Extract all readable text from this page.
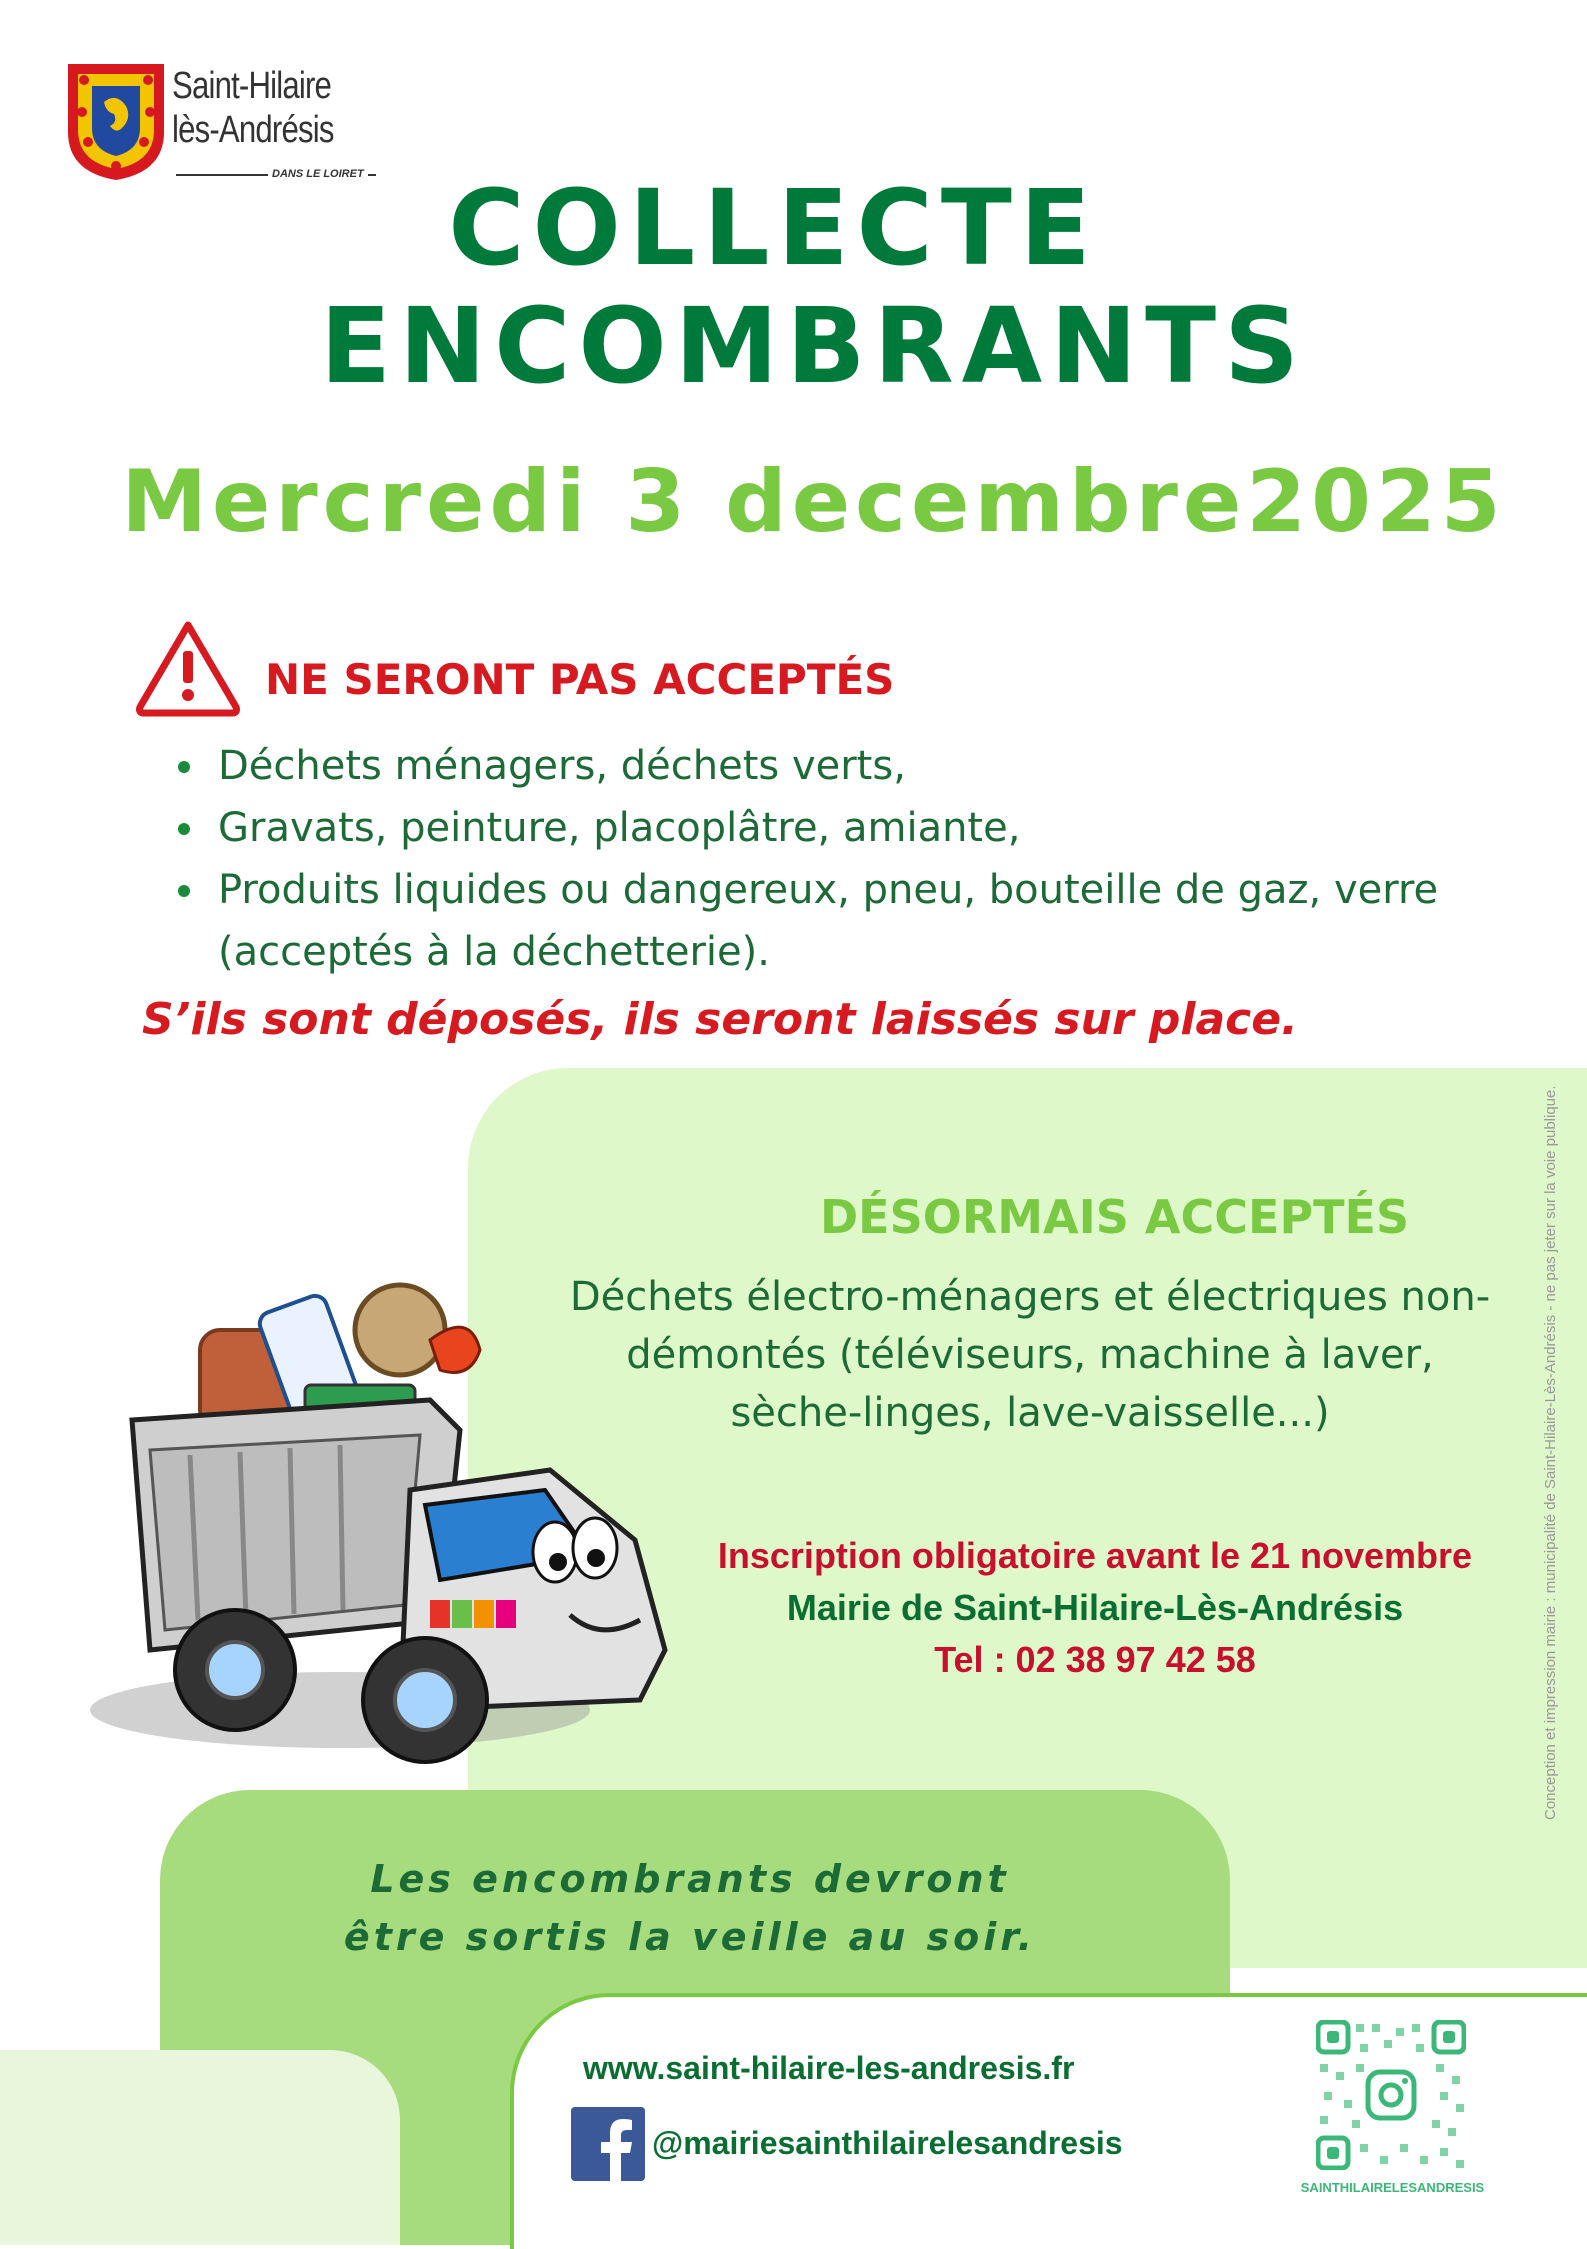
Saint-Hilaire
lès-Andrésis
DANS LE LOIRET COLLECTE
ENCOMBRANTS
Mercredi 3 decembre2025
NE SERONT PAS ACCEPTÉS
Déchets ménagers, déchets verts,
Gravats, peinture, placoplâtre, amiante,
Produits liquides ou dangereux, pneu, bouteille de gaz, verre (acceptés à la déchetterie).
S’ils sont déposés, ils seront laissés sur place.
DÉSORMAIS ACCEPTÉS
Déchets électro-ménagers et électriques non-démontés (téléviseurs, machine à laver, sèche-linges, lave-vaisselle...)
Inscription obligatoire avant le 21 novembre
Mairie de Saint-Hilaire-Lès-Andrésis
Tel : 02 38 97 42 58
Les encombrants devront
être sortis la veille au soir.
www.saint-hilaire-les-andresis.fr
@mairiesainthilairelesandresis
SAINTHILAIRELESANDRESIS
Conception et impression mairie : municipalité de Saint-Hilaire-Lès-Andrésis - ne pas jeter sur la voie publique.
